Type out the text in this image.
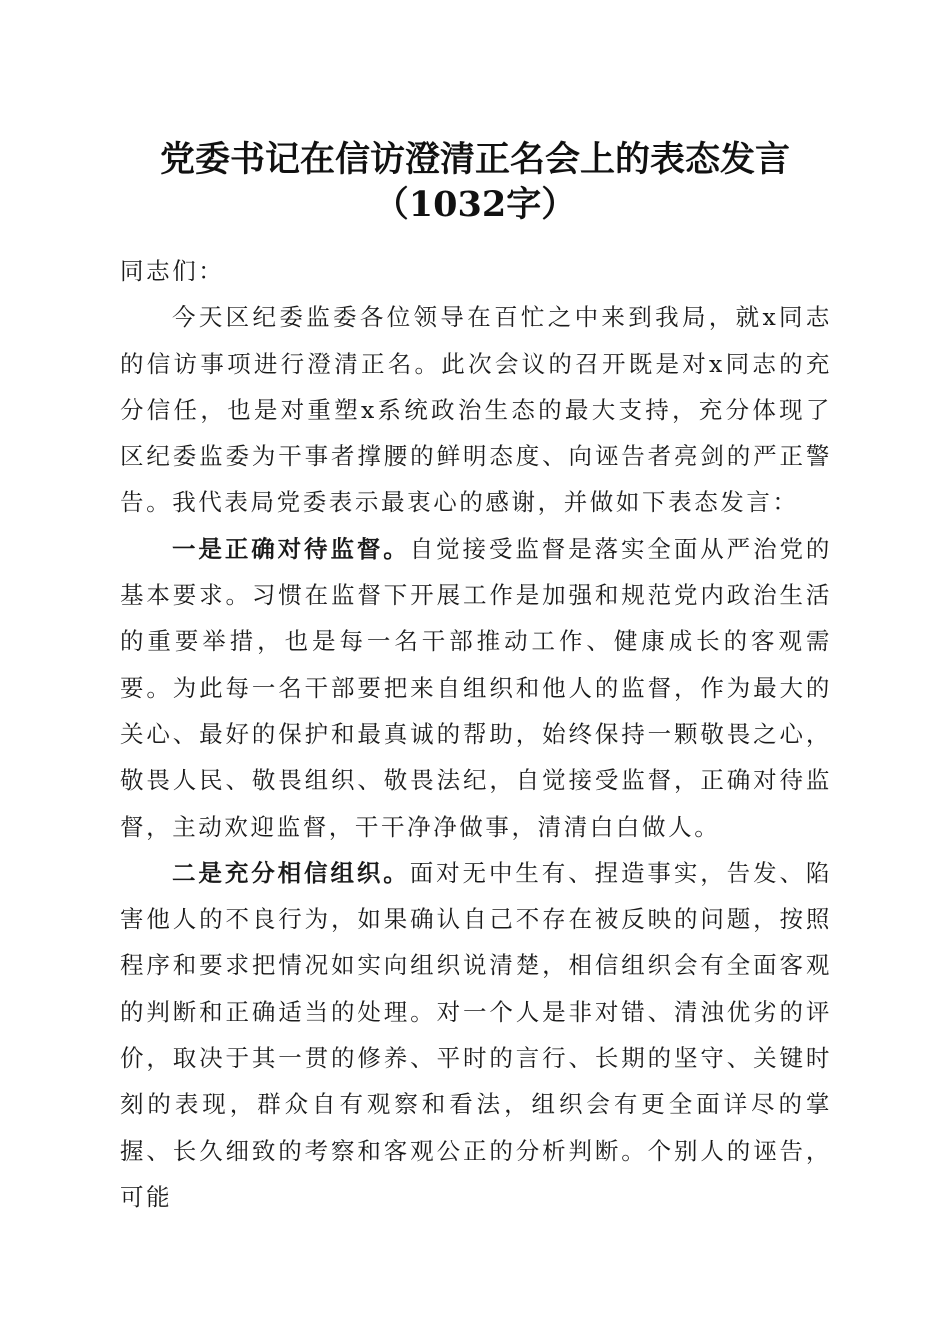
党委书记在信访澄清正名会上的表态发言
（1032字）

同志们：

今天区纪委监委各位领导在百忙之中来到我局，就x同志的信访事项进行澄清正名。此次会议的召开既是对x同志的充分信任，也是对重塑x系统政治生态的最大支持，充分体现了区纪委监委为干事者撑腰的鲜明态度、向诬告者亮剑的严正警告。我代表局党委表示最衷心的感谢，并做如下表态发言：

一是正确对待监督。自觉接受监督是落实全面从严治党的基本要求。习惯在监督下开展工作是加强和规范党内政治生活的重要举措，也是每一名干部推动工作、健康成长的客观需要。为此每一名干部要把来自组织和他人的监督，作为最大的关心、最好的保护和最真诚的帮助，始终保持一颗敬畏之心，敬畏人民、敬畏组织、敬畏法纪，自觉接受监督，正确对待监督，主动欢迎监督，干干净净做事，清清白白做人。

二是充分相信组织。面对无中生有、捏造事实，告发、陷害他人的不良行为，如果确认自己不存在被反映的问题，按照程序和要求把情况如实向组织说清楚，相信组织会有全面客观的判断和正确适当的处理。对一个人是非对错、清浊优劣的评价，取决于其一贯的修养、平时的言行、长期的坚守、关键时刻的表现，群众自有观察和看法，组织会有更全面详尽的掌握、长久细致的考察和客观公正的分析判断。个别人的诬告，可能
